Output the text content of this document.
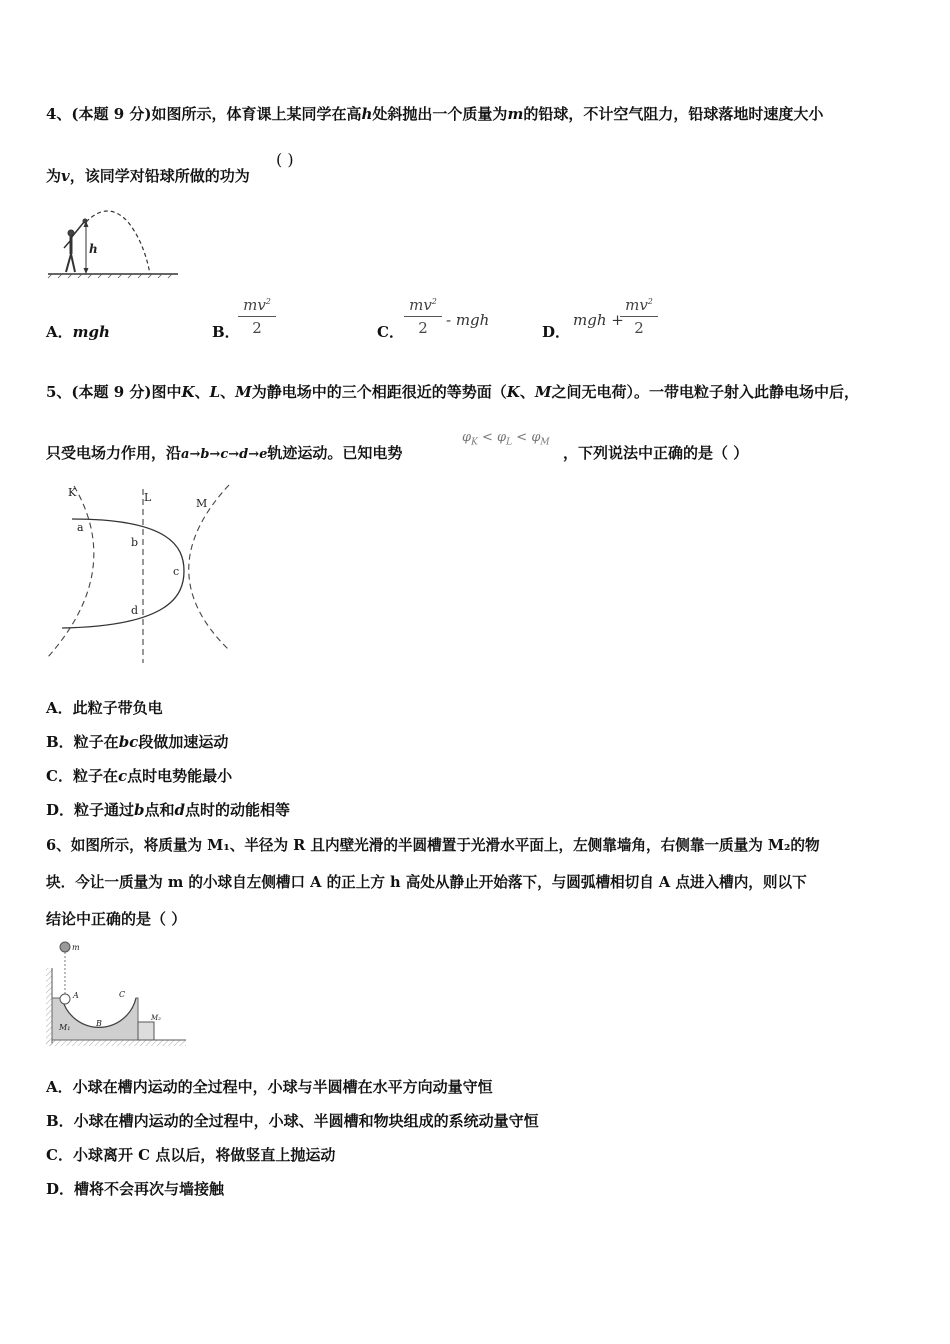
4、(本题 9 分)如图所示，体育课上某同学在高h处斜抛出一个质量为m的铅球，不计空气阻力，铅球落地时速度大小
为v，该同学对铅球所做的功为
( )
h
A．mgh	B．
$\frac{mv^2}{2}$	C． $\frac{mv^2}{2}$ - mgh
D．
mgh +
$\frac{mv^2}{2}$
5、(本题 9 分)图中K、L、M为静电场中的三个相距很近的等势面（K、M之间无电荷）。一带电粒子射入此静电场中后，
只受电场力作用，沿a→b→c→d→e轨迹运动。已知电势
$\varphi_K < \varphi_L < \varphi_M$
，下列说法中正确的是（ ）
K	L	M
a
b
c
d
A．此粒子带负电
B．粒子在bc段做加速运动
C．粒子在c点时电势能最小
D．粒子通过b点和d点时的动能相等
6、如图所示，将质量为 M₁、半径为 R 且内壁光滑的半圆槽置于光滑水平面上，左侧靠墙角，右侧靠一质量为 M₂的物
块．今让一质量为 m 的小球自左侧槽口 A 的正上方 h 高处从静止开始落下，与圆弧槽相切自 A 点进入槽内，则以下
结论中正确的是（ ）
m
A
B
C
M₁
M₂
A．小球在槽内运动的全过程中，小球与半圆槽在水平方向动量守恒
B．小球在槽内运动的全过程中，小球、半圆槽和物块组成的系统动量守恒
C．小球离开 C 点以后，将做竖直上抛运动
D．槽将不会再次与墙接触
